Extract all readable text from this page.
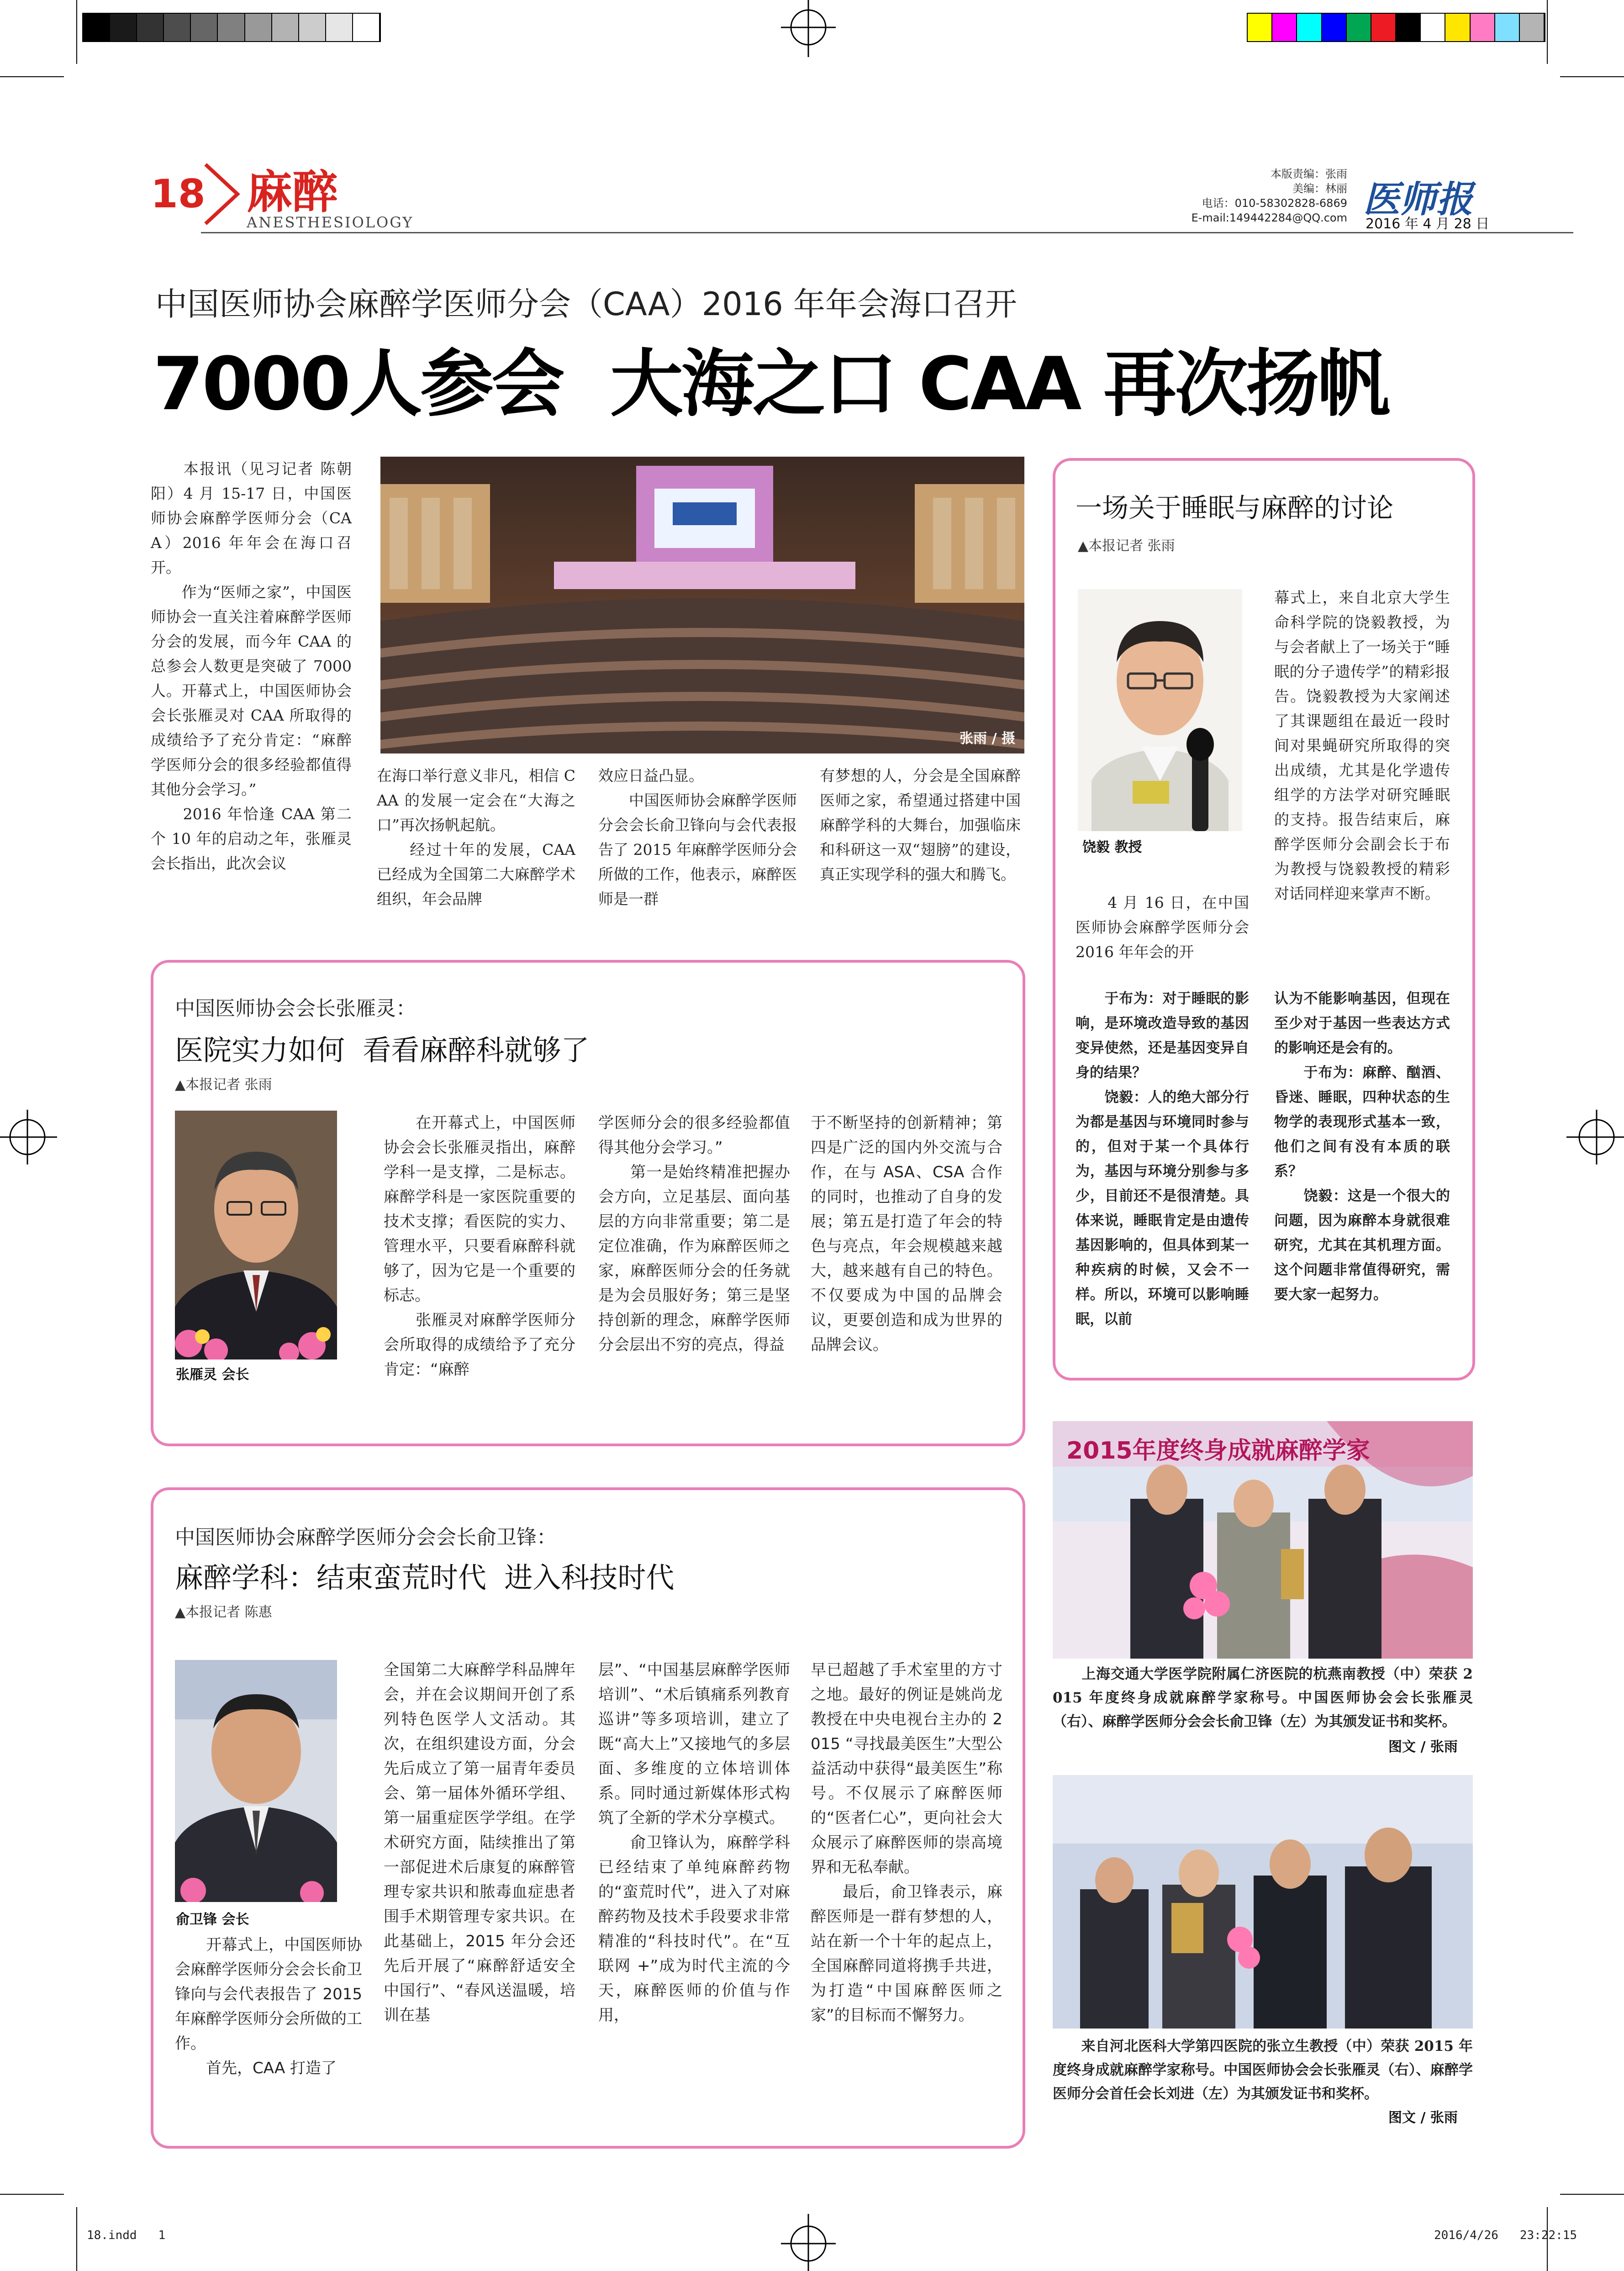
18 麻醉
ANESTHESIOLOGY
本版责编：张雨
美编：林丽
电话：010-58302828-6869
E-mail:149442284@QQ.com 医师报
2016 年 4 月 28 日
中国医师协会麻醉学医师分会（CAA）2016 年年会海口召开
7000人参会  大海之口 CAA 再次扬帆
　　本报讯（见习记者 陈朝阳）4 月 15-17 日，中国医师协会麻醉学医师分会（CAA）2016 年年会在海口召开。
　　作为“医师之家”，中国医师协会一直关注着麻醉学医师分会的发展，而今年 CAA 的总参会人数更是突破了 7000 人。开幕式上，中国医师协会会长张雁灵对 CAA 所取得的成绩给予了充分肯定：“麻醉学医师分会的很多经验都值得其他分会学习。”
　　2016 年恰逢 CAA 第二个 10 年的启动之年，张雁灵会长指出，此次会议
张雨 / 摄
在海口举行意义非凡，相信 CAA 的发展一定会在“大海之口”再次扬帆起航。
　　经过十年的发展，CAA 已经成为全国第二大麻醉学术组织，年会品牌
效应日益凸显。
　　中国医师协会麻醉学医师分会会长俞卫锋向与会代表报告了 2015 年麻醉学医师分会所做的工作，他表示，麻醉医师是一群
有梦想的人，分会是全国麻醉医师之家，希望通过搭建中国麻醉学科的大舞台，加强临床和科研这一双“翅膀”的建设，真正实现学科的强大和腾飞。
一场关于睡眠与麻醉的讨论
▲本报记者 张雨
饶毅 教授
幕式上，来自北京大学生命科学院的饶毅教授，为与会者献上了一场关于“睡眠的分子遗传学”的精彩报告。饶毅教授为大家阐述了其课题组在最近一段时间对果蝇研究所取得的突出成绩，尤其是化学遗传组学的方法学对研究睡眠的支持。报告结束后，麻醉学医师分会副会长于布为教授与饶毅教授的精彩对话同样迎来掌声不断。
　　4 月 16 日，在中国医师协会麻醉学医师分会 2016 年年会的开
　　于布为：对于睡眠的影响，是环境改造导致的基因变异使然，还是基因变异自身的结果？
　　饶毅：人的绝大部分行为都是基因与环境同时参与的，但对于某一个具体行为，基因与环境分别参与多少，目前还不是很清楚。具体来说，睡眠肯定是由遗传基因影响的，但具体到某一种疾病的时候，又会不一样。所以，环境可以影响睡眠，以前
认为不能影响基因，但现在至少对于基因一些表达方式的影响还是会有的。
　　于布为：麻醉、酗酒、昏迷、睡眠，四种状态的生物学的表现形式基本一致，他们之间有没有本质的联系？
　　饶毅：这是一个很大的问题，因为麻醉本身就很难研究，尤其在其机理方面。这个问题非常值得研究，需要大家一起努力。
中国医师协会会长张雁灵：
医院实力如何  看看麻醉科就够了
▲本报记者 张雨
张雁灵 会长
　　在开幕式上，中国医师协会会长张雁灵指出，麻醉学科一是支撑，二是标志。麻醉学科是一家医院重要的技术支撑；看医院的实力、管理水平，只要看麻醉科就够了，因为它是一个重要的标志。
　　张雁灵对麻醉学医师分会所取得的成绩给予了充分肯定：“麻醉
学医师分会的很多经验都值得其他分会学习。”
　　第一是始终精准把握办会方向，立足基层、面向基层的方向非常重要；第二是定位准确，作为麻醉医师之家，麻醉医师分会的任务就是为会员服好务；第三是坚持创新的理念，麻醉学医师分会层出不穷的亮点，得益
于不断坚持的创新精神；第四是广泛的国内外交流与合作，在与 ASA、CSA 合作的同时，也推动了自身的发展；第五是打造了年会的特色与亮点，年会规模越来越大，越来越有自己的特色。不仅要成为中国的品牌会议，更要创造和成为世界的品牌会议。
中国医师协会麻醉学医师分会会长俞卫锋：
麻醉学科：结束蛮荒时代  进入科技时代
▲本报记者 陈惠
俞卫锋 会长
　　开幕式上，中国医师协会麻醉学医师分会会长俞卫锋向与会代表报告了 2015 年麻醉学医师分会所做的工作。
　　首先，CAA 打造了
全国第二大麻醉学科品牌年会，并在会议期间开创了系列特色医学人文活动。其次，在组织建设方面，分会先后成立了第一届青年委员会、第一届体外循环学组、第一届重症医学学组。在学术研究方面，陆续推出了第一部促进术后康复的麻醉管理专家共识和脓毒血症患者围手术期管理专家共识。在此基础上，2015 年分会还先后开展了“麻醉舒适安全中国行”、“春风送温暖，培训在基
层”、“中国基层麻醉学医师培训”、“术后镇痛系列教育巡讲”等多项培训，建立了既“高大上”又接地气的多层面、多维度的立体培训体系。同时通过新媒体形式构筑了全新的学术分享模式。
　　俞卫锋认为，麻醉学科已经结束了单纯麻醉药物的“蛮荒时代”，进入了对麻醉药物及技术手段要求非常精准的“科技时代”。在“互联网 +”成为时代主流的今天，麻醉医师的价值与作用，
早已超越了手术室里的方寸之地。最好的例证是姚尚龙教授在中央电视台主办的 2015 “寻找最美医生”大型公益活动中获得“最美医生”称号。不仅展示了麻醉医师的“医者仁心”，更向社会大众展示了麻醉医师的崇高境界和无私奉献。
　　最后，俞卫锋表示，麻醉医师是一群有梦想的人，站在新一个十年的起点上，全国麻醉同道将携手共进，为打造“中国麻醉医师之家”的目标而不懈努力。
2015年度终身成就麻醉学家
　　上海交通大学医学院附属仁济医院的杭燕南教授（中）荣获 2015 年度终身成就麻醉学家称号。中国医师协会会长张雁灵（右）、麻醉学医师分会会长俞卫锋（左）为其颁发证书和奖杯。
图文 / 张雨
　　来自河北医科大学第四医院的张立生教授（中）荣获 2015 年度终身成就麻醉学家称号。中国医师协会会长张雁灵（右）、麻醉学医师分会首任会长刘进（左）为其颁发证书和奖杯。
图文 / 张雨
18.indd   1	2016/4/26   23:22:15
